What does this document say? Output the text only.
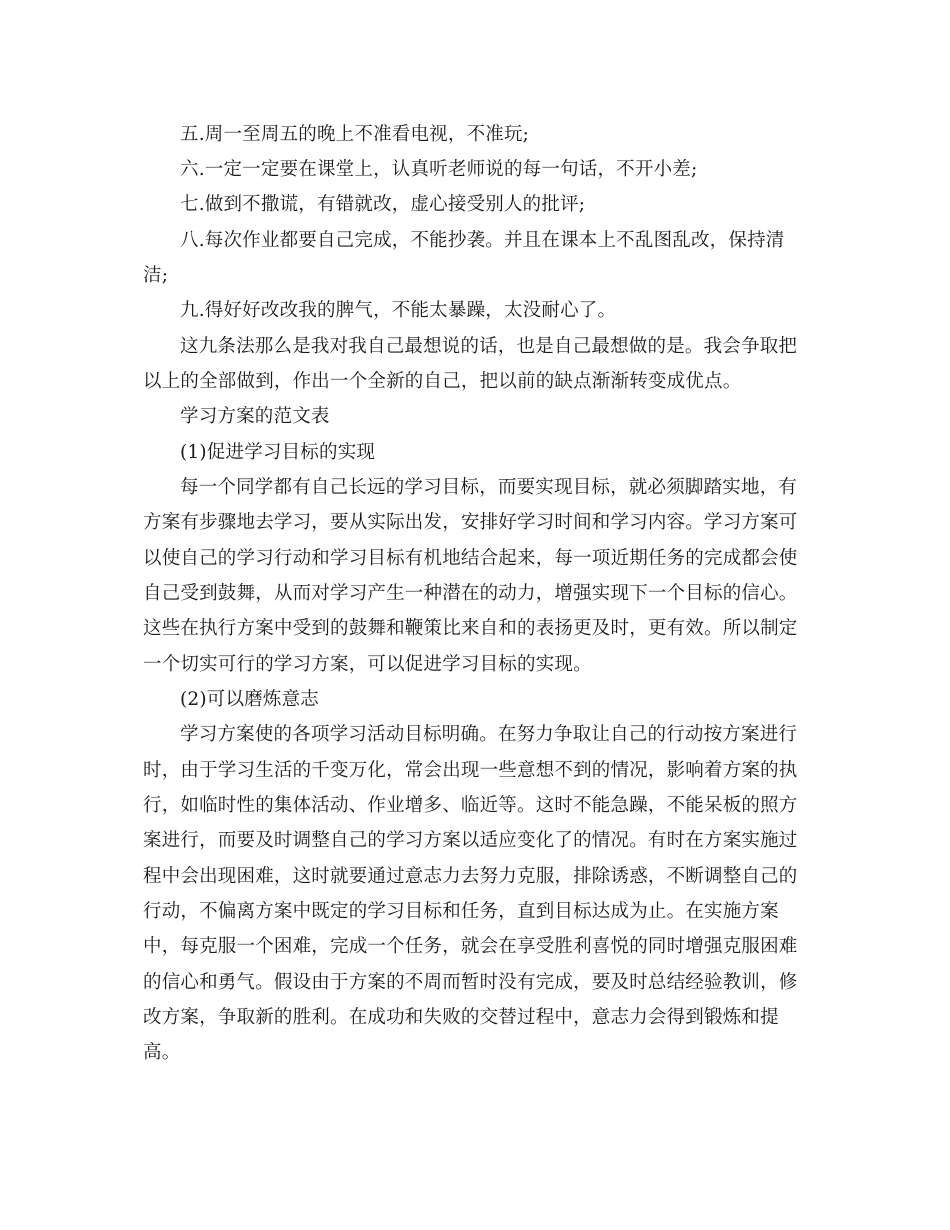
五.周一至周五的晚上不准看电视，不准玩;

六.一定一定要在课堂上，认真听老师说的每一句话，不开小差;

七.做到不撒谎，有错就改，虚心接受别人的批评;

八.每次作业都要自己完成，不能抄袭。并且在课本上不乱图乱改，保持清

洁;

九.得好好改改我的脾气，不能太暴躁，太没耐心了。

这九条法那么是我对我自己最想说的话，也是自己最想做的是。我会争取把

以上的全部做到，作出一个全新的自己，把以前的缺点渐渐转变成优点。

学习方案的范文表

(1)促进学习目标的实现

每一个同学都有自己长远的学习目标，而要实现目标，就必须脚踏实地，有

方案有步骤地去学习，要从实际出发，安排好学习时间和学习内容。学习方案可

以使自己的学习行动和学习目标有机地结合起来，每一项近期任务的完成都会使

自己受到鼓舞，从而对学习产生一种潜在的动力，增强实现下一个目标的信心。

这些在执行方案中受到的鼓舞和鞭策比来自和的表扬更及时，更有效。所以制定

一个切实可行的学习方案，可以促进学习目标的实现。

(2)可以磨炼意志

学习方案使的各项学习活动目标明确。在努力争取让自己的行动按方案进行

时，由于学习生活的千变万化，常会出现一些意想不到的情况，影响着方案的执

行，如临时性的集体活动、作业增多、临近等。这时不能急躁，不能呆板的照方

案进行，而要及时调整自己的学习方案以适应变化了的情况。有时在方案实施过

程中会出现困难，这时就要通过意志力去努力克服，排除诱惑，不断调整自己的

行动，不偏离方案中既定的学习目标和任务，直到目标达成为止。在实施方案

中，每克服一个困难，完成一个任务，就会在享受胜利喜悦的同时增强克服困难

的信心和勇气。假设由于方案的不周而暂时没有完成，要及时总结经验教训，修

改方案，争取新的胜利。在成功和失败的交替过程中，意志力会得到锻炼和提

高。
